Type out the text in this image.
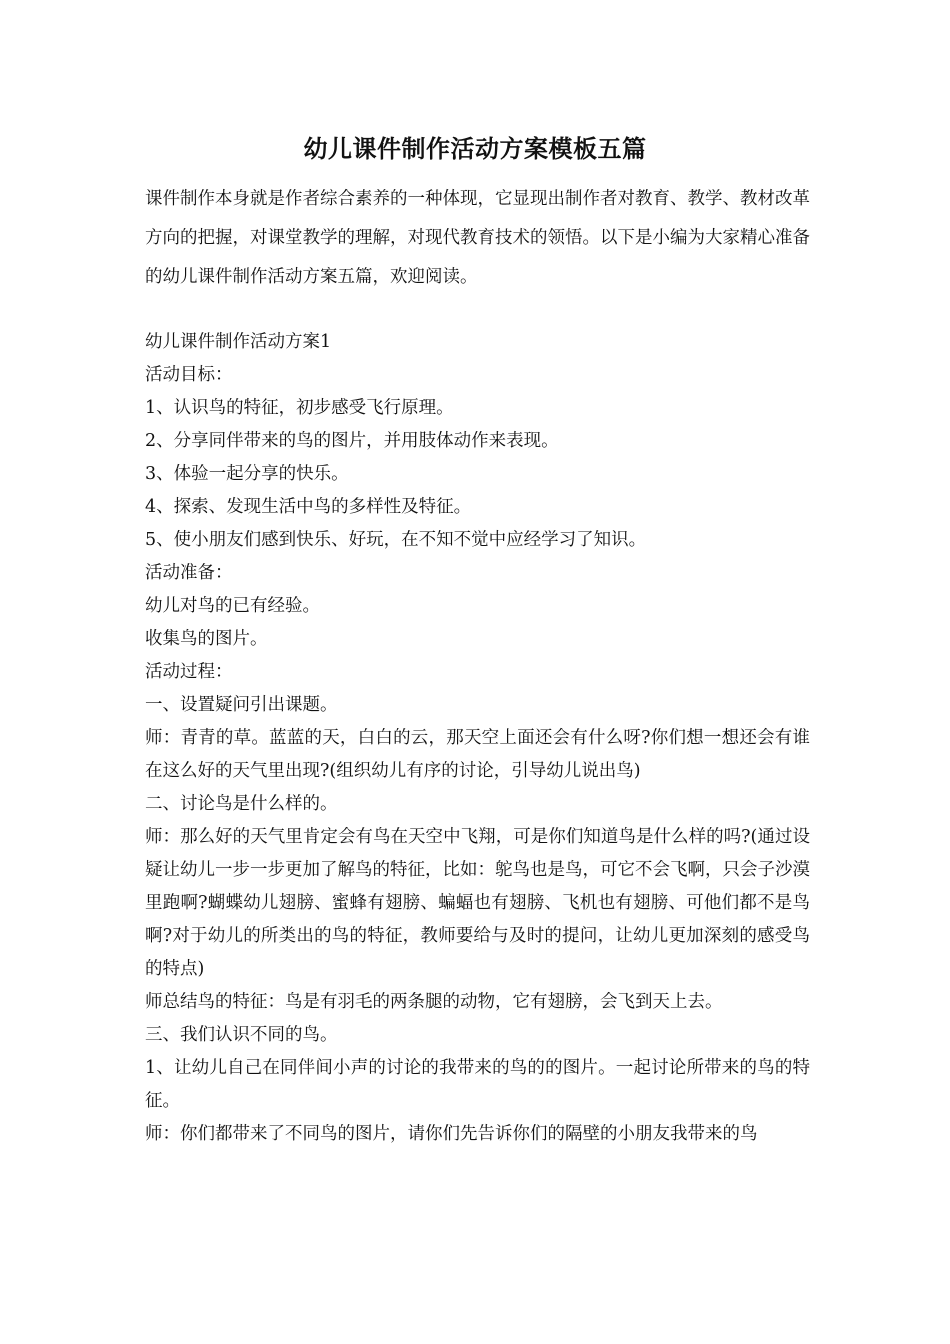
幼儿课件制作活动方案模板五篇

课件制作本身就是作者综合素养的一种体现，它显现出制作者对教育、教学、教材改革方向的把握，对课堂教学的理解，对现代教育技术的领悟。以下是小编为大家精心准备的幼儿课件制作活动方案五篇，欢迎阅读。

幼儿课件制作活动方案1

活动目标：

1、认识鸟的特征，初步感受飞行原理。

2、分享同伴带来的鸟的图片，并用肢体动作来表现。

3、体验一起分享的快乐。

4、探索、发现生活中鸟的多样性及特征。

5、使小朋友们感到快乐、好玩，在不知不觉中应经学习了知识。

活动准备：

幼儿对鸟的已有经验。

收集鸟的图片。

活动过程：

一、设置疑问引出课题。

师：青青的草。蓝蓝的天，白白的云，那天空上面还会有什么呀?你们想一想还会有谁在这么好的天气里出现?(组织幼儿有序的讨论，引导幼儿说出鸟)

二、讨论鸟是什么样的。

师：那么好的天气里肯定会有鸟在天空中飞翔，可是你们知道鸟是什么样的吗?(通过设疑让幼儿一步一步更加了解鸟的特征，比如：鸵鸟也是鸟，可它不会飞啊，只会子沙漠里跑啊?蝴蝶幼儿翅膀、蜜蜂有翅膀、蝙蝠也有翅膀、飞机也有翅膀、可他们都不是鸟啊?对于幼儿的所类出的鸟的特征，教师要给与及时的提问，让幼儿更加深刻的感受鸟的特点)

师总结鸟的特征：鸟是有羽毛的两条腿的动物，它有翅膀，会飞到天上去。

三、我们认识不同的鸟。

1、让幼儿自己在同伴间小声的讨论的我带来的鸟的的图片。一起讨论所带来的鸟的特征。

师：你们都带来了不同鸟的图片，请你们先告诉你们的隔壁的小朋友我带来的鸟
